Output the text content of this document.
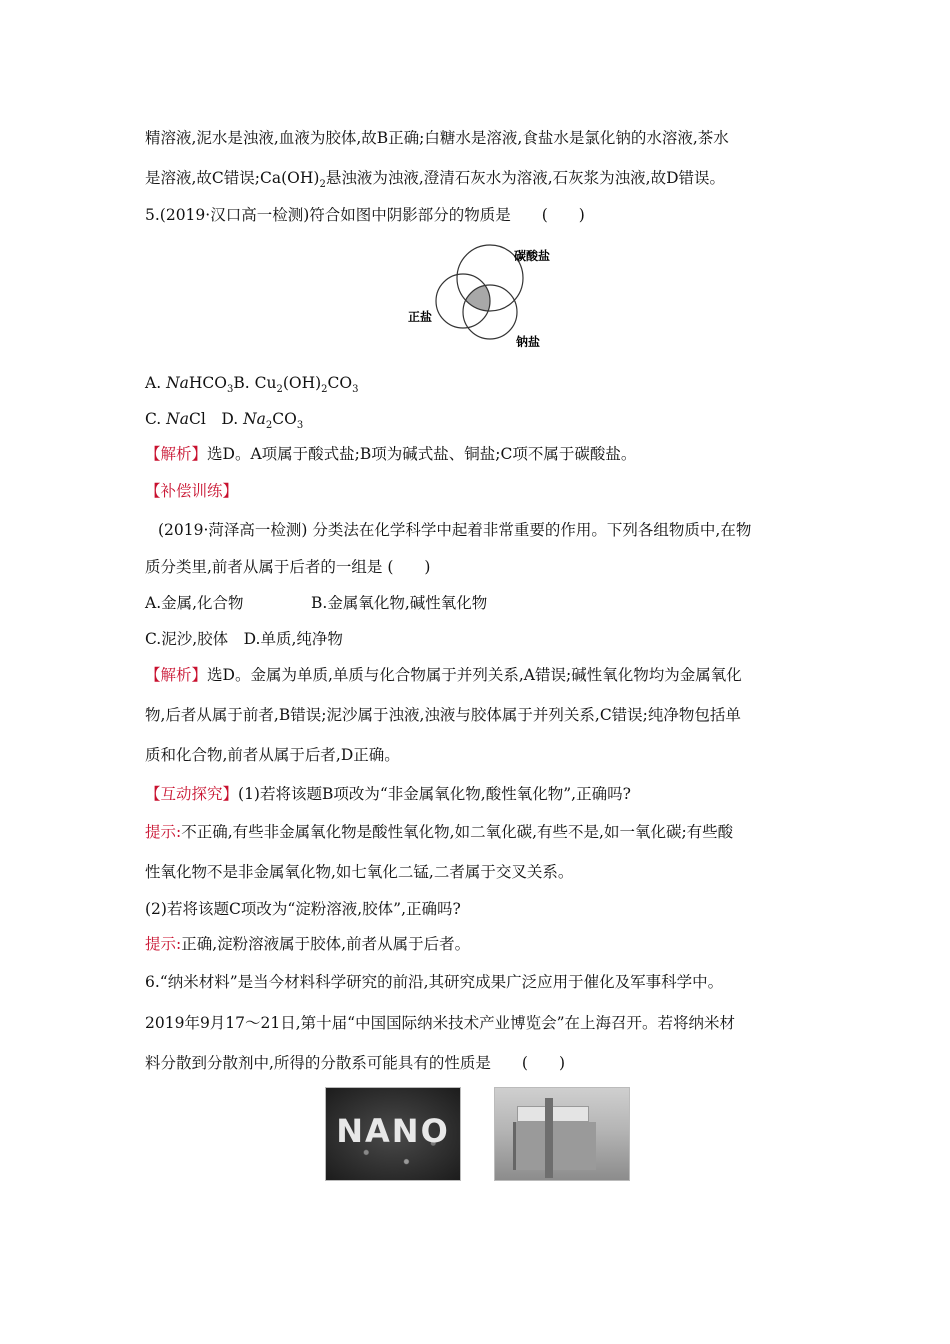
精溶液,泥水是浊液,血液为胶体,故B正确;白糖水是溶液,食盐水是氯化钠的水溶液,茶水
是溶液,故C错误$;Ca(OH)_2$悬浊液为浊液,澄清石灰水为溶液,石灰浆为浊液,故D错误。
5.(2019·汉口高一检测)符合如图中阴影部分的物质是　　(　　)
碳酸盐
正盐
钠盐
A. NaHCO$_3$B. $Cu_2(OH)_2CO_3$
C. NaCl　 D. $Na_2CO_3$
【解析】选D。A项属于酸式盐;B项为碱式盐、铜盐;C项不属于碳酸盐。
【补偿训练】
(2019·菏泽高一检测) 分类法在化学科学中起着非常重要的作用。下列各组物质中,在物
质分类里,前者从属于后者的一组是 (　　)
A.金属,化合物	B.金属氧化物,碱性氧化物
C.泥沙,胶体　D.单质,纯净物
【解析】选D。金属为单质,单质与化合物属于并列关系,A错误;碱性氧化物均为金属氧化
物,后者从属于前者,B错误;泥沙属于浊液,浊液与胶体属于并列关系,C错误;纯净物包括单
质和化合物,前者从属于后者,D正确。
【互动探究】(1)若将该题B项改为“非金属氧化物,酸性氧化物”,正确吗?
提示:不正确,有些非金属氧化物是酸性氧化物,如二氧化碳,有些不是,如一氧化碳;有些酸
性氧化物不是非金属氧化物,如七氧化二锰,二者属于交叉关系。
(2)若将该题C项改为“淀粉溶液,胶体”,正确吗?
提示:正确,淀粉溶液属于胶体,前者从属于后者。
6.“纳米材料”是当今材料科学研究的前沿,其研究成果广泛应用于催化及军事科学中。
2019年9月17～21日,第十届“中国国际纳米技术产业博览会”在上海召开。若将纳米材
料分散到分散剂中,所得的分散系可能具有的性质是　　(　　)
NANO
